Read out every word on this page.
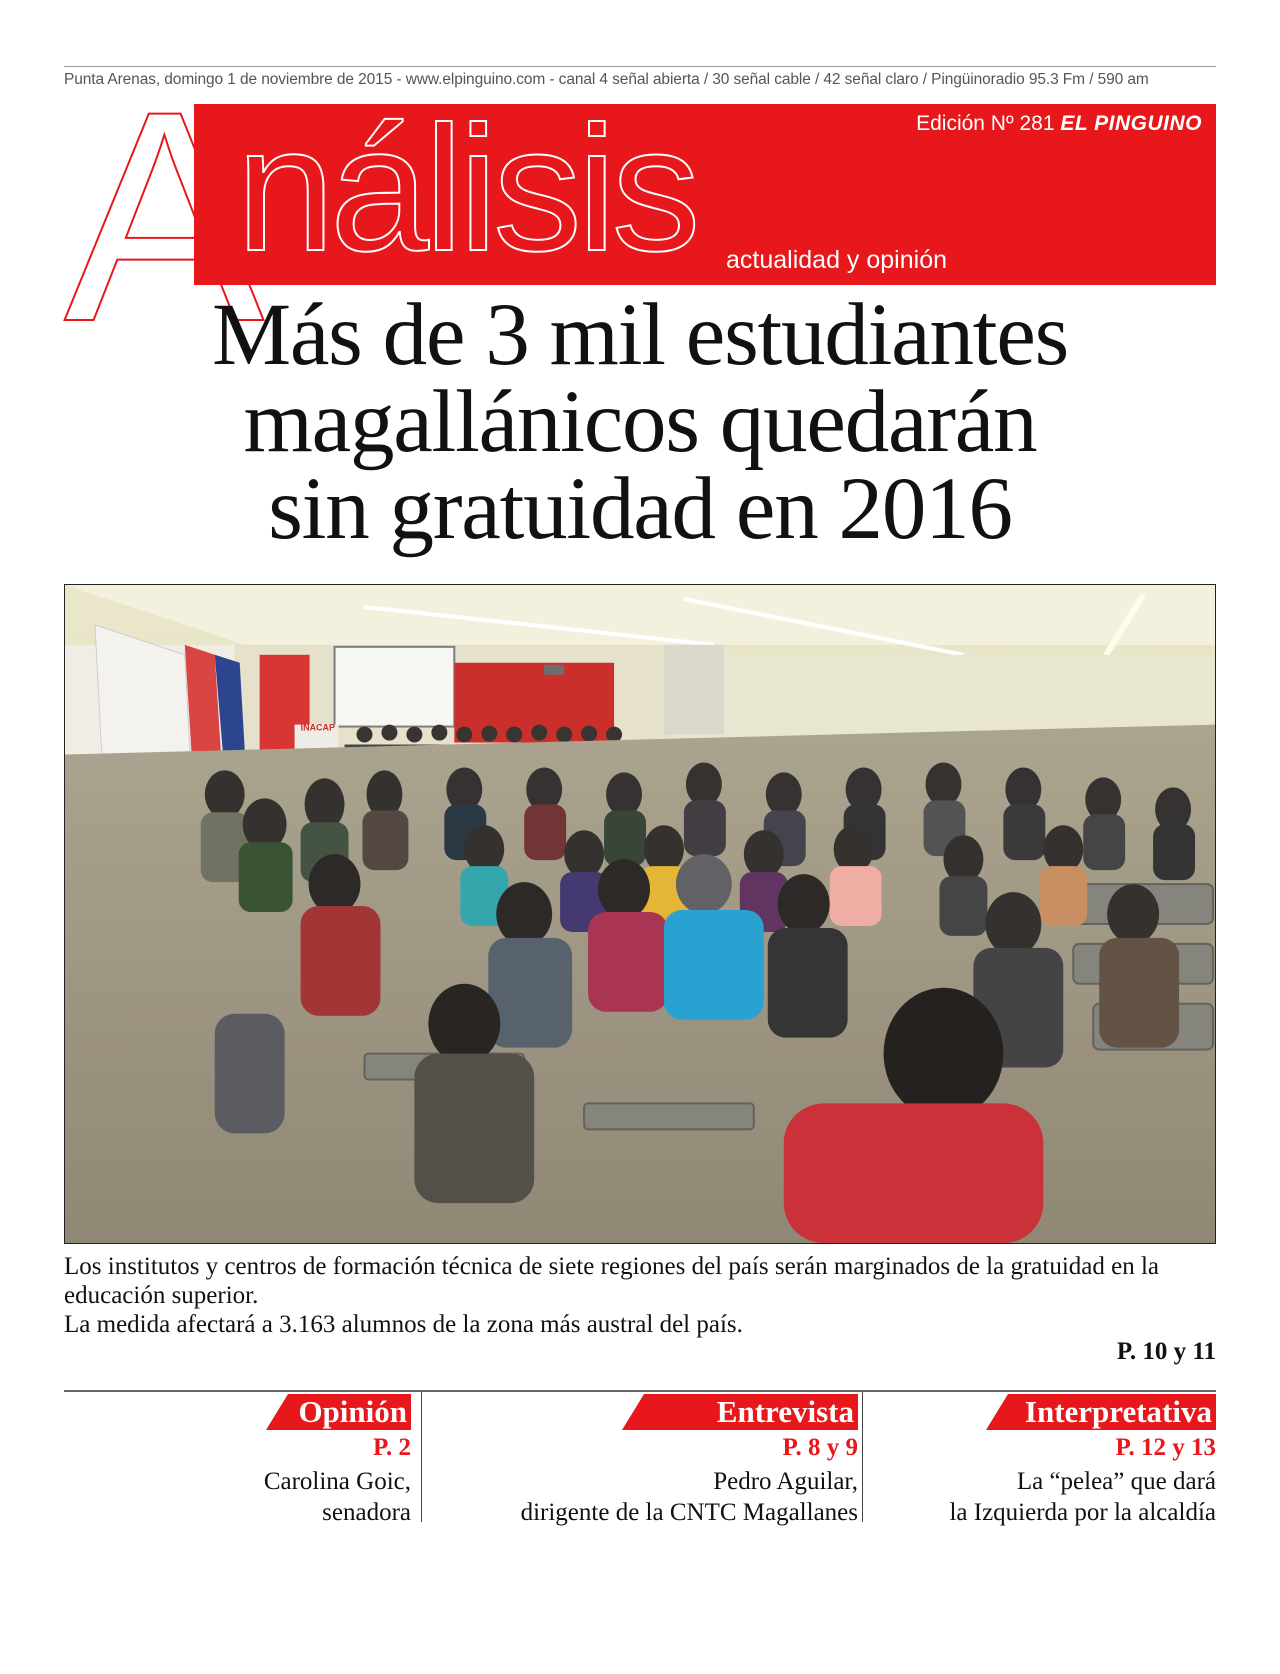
Punta Arenas, domingo 1 de noviembre de 2015 - www.elpinguino.com - canal 4 señal abierta / 30 señal cable / 42 señal claro / Pingüinoradio 95.3 Fm / 590 am
A
nálisis actualidad y opinión
Edición Nº 281 EL PINGUINO
Más de 3 mil estudiantes
magallánicos quedarán
sin gratuidad en 2016
INACAP

Los institutos y centros de formación técnica de siete regiones del país serán marginados de la gratuidad en la educación superior.

La medida afectará a 3.163 alumnos de la zona más austral del país.

P. 10 y 11
Opinión
P. 2
Carolina Goic,
senadora
Entrevista
P. 8 y 9
Pedro Aguilar,
dirigente de la CNTC Magallanes
Interpretativa
P. 12 y 13
La “pelea” que dará
la Izquierda por la alcaldía
